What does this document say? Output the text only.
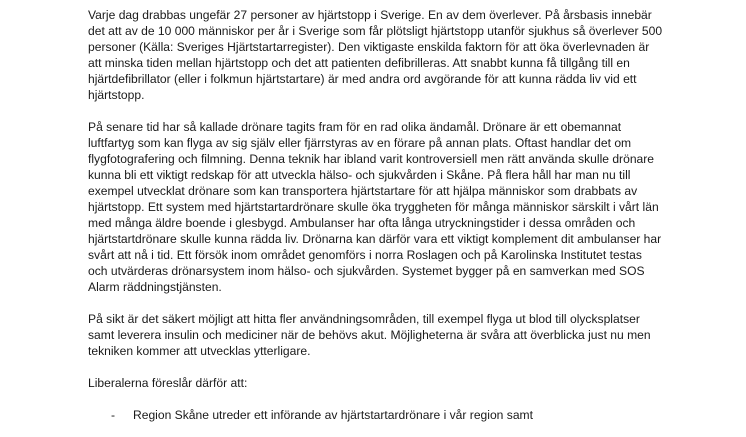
Varje dag drabbas ungefär 27 personer av hjärtstopp i Sverige. En av dem överlever. På årsbasis innebär det att av de 10 000 människor per år i Sverige som får plötsligt hjärtstopp utanför sjukhus så överlever 500 personer (Källa: Sveriges Hjärtstartarregister). Den viktigaste enskilda faktorn för att öka överlevnaden är att minska tiden mellan hjärtstopp och det att patienten defibrilleras. Att snabbt kunna få tillgång till en hjärtdefibrillator (eller i folkmun hjärtstartare) är med andra ord avgörande för att kunna rädda liv vid ett hjärtstopp.

På senare tid har så kallade drönare tagits fram för en rad olika ändamål. Drönare är ett obemannat luftfartyg som kan flyga av sig själv eller fjärrstyras av en förare på annan plats. Oftast handlar det om flygfotografering och filmning. Denna teknik har ibland varit kontroversiell men rätt använda skulle drönare kunna bli ett viktigt redskap för att utveckla hälso- och sjukvården i Skåne. På flera håll har man nu till exempel utvecklat drönare som kan transportera hjärtstartare för att hjälpa människor som drabbats av hjärtstopp. Ett system med hjärtstartardrönare skulle öka tryggheten för många människor särskilt i vårt län med många äldre boende i glesbygd. Ambulanser har ofta långa utryckningstider i dessa områden och hjärtstartdrönare skulle kunna rädda liv. Drönarna kan därför vara ett viktigt komplement dit ambulanser har svårt att nå i tid. Ett försök inom området genomförs i norra Roslagen och på Karolinska Institutet testas och utvärderas drönarsystem inom hälso- och sjukvården. Systemet bygger på en samverkan med SOS Alarm räddningstjänsten.

På sikt är det säkert möjligt att hitta fler användningsområden, till exempel flyga ut blod till olycksplatser samt leverera insulin och mediciner när de behövs akut. Möjligheterna är svåra att överblicka just nu men tekniken kommer att utvecklas ytterligare.

Liberalerna föreslår därför att:

- Region Skåne utreder ett införande av hjärtstartardrönare i vår region samt
